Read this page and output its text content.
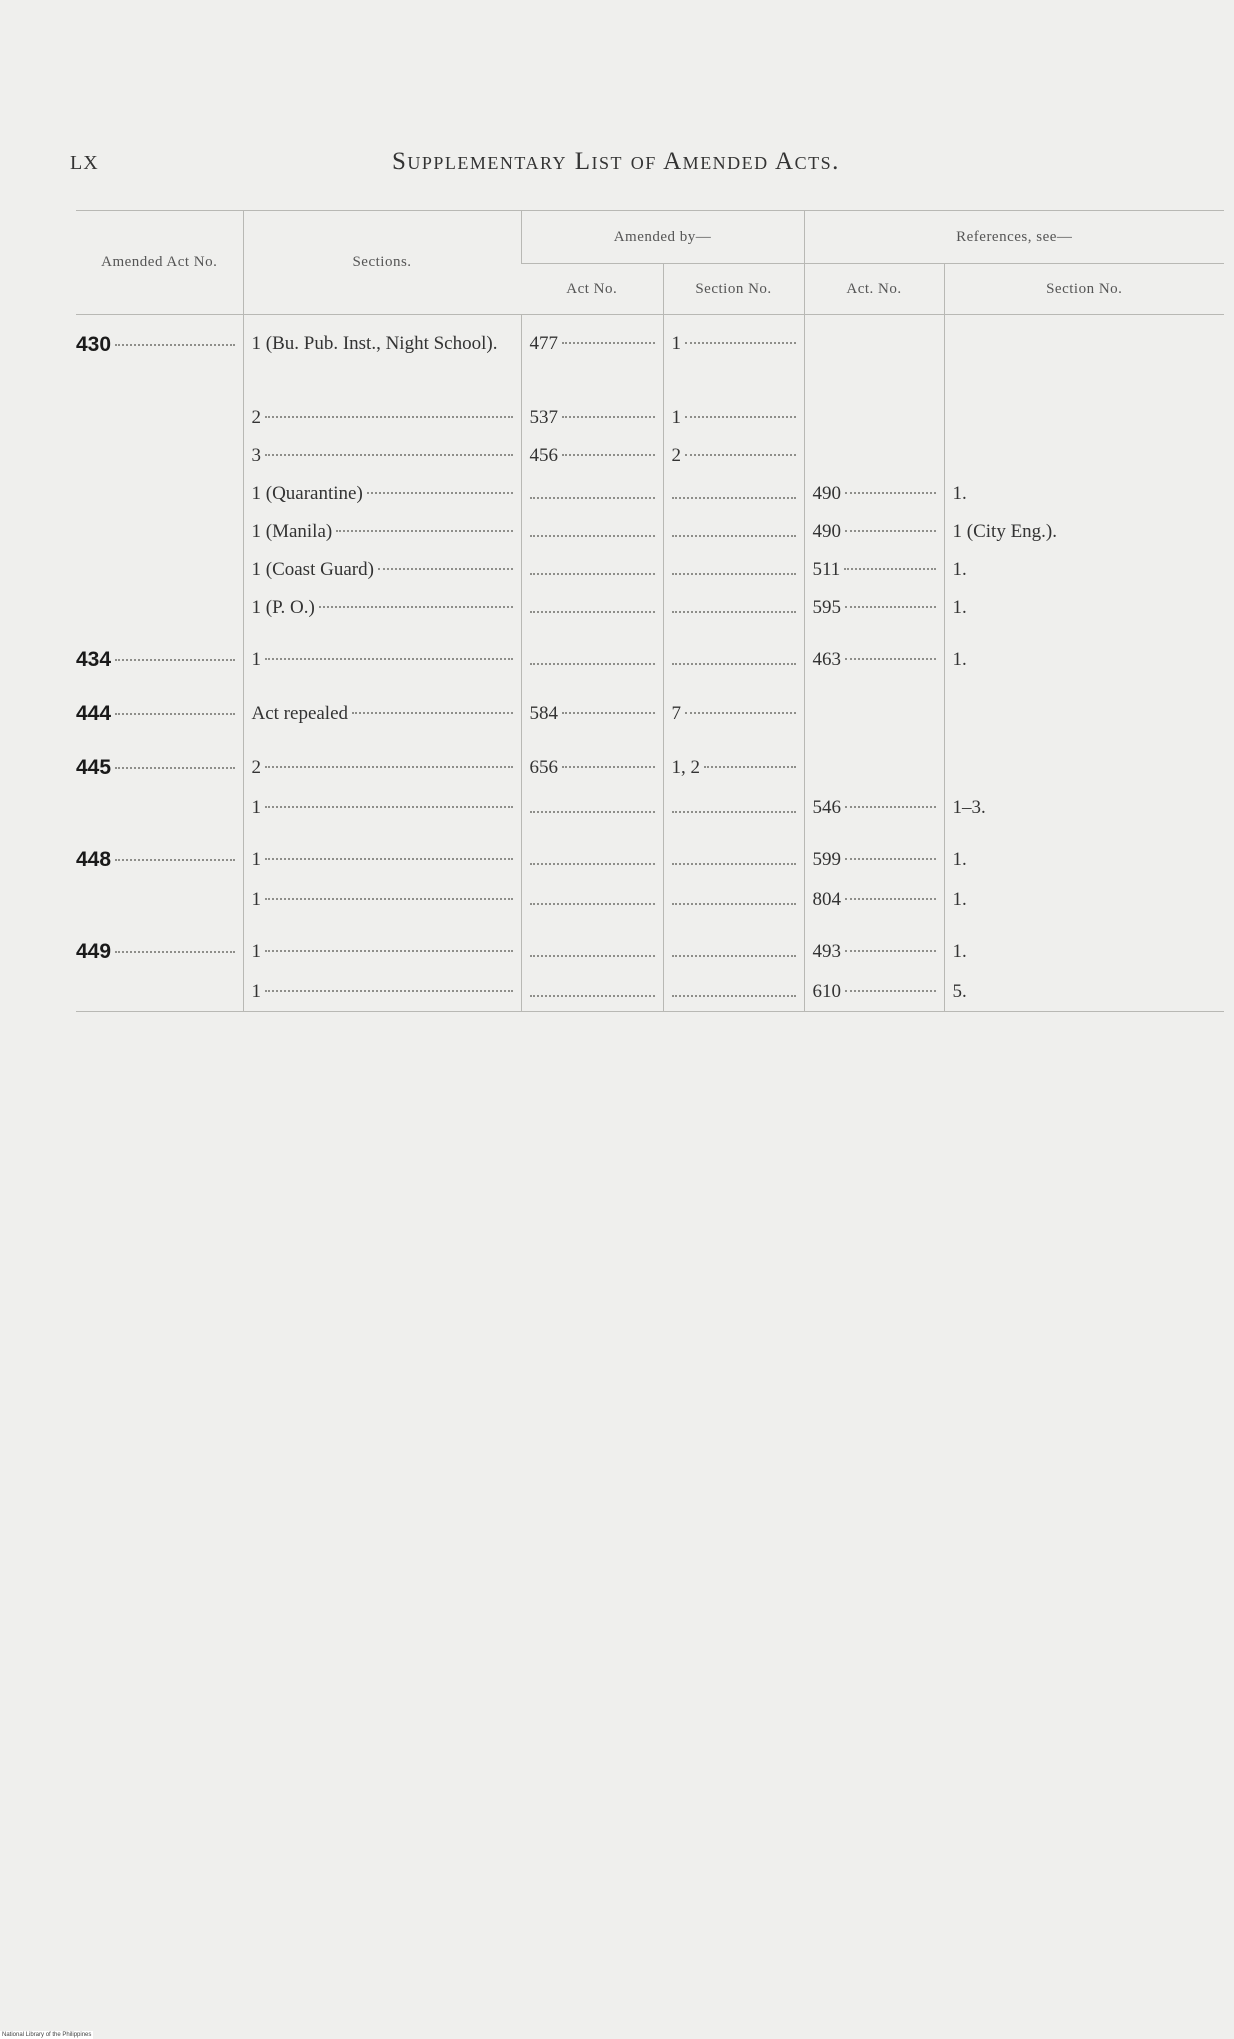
LX	Supplementary List of Amended Acts.
Amended Act No.	Sections.	Amended by—		References, see—	
		Act No.	Section No.	Act. No.	Section No.

430	1 (Bu. Pub. Inst., Night School).	477	1		

	2	537	1		

	3	456	2		

	1 (Quarantine)			490	1.

	1 (Manila)			490	1 (City Eng.).

	1 (Coast Guard)			511	1.

	1 (P. O.)			595	1.

434	1			463	1.

444	Act repealed	584	7		

445	2	656	1, 2		

	1			546	1–3.

448	1			599	1.

	1			804	1.

449	1			493	1.

	1			610	5.
National Library of the Philippines
